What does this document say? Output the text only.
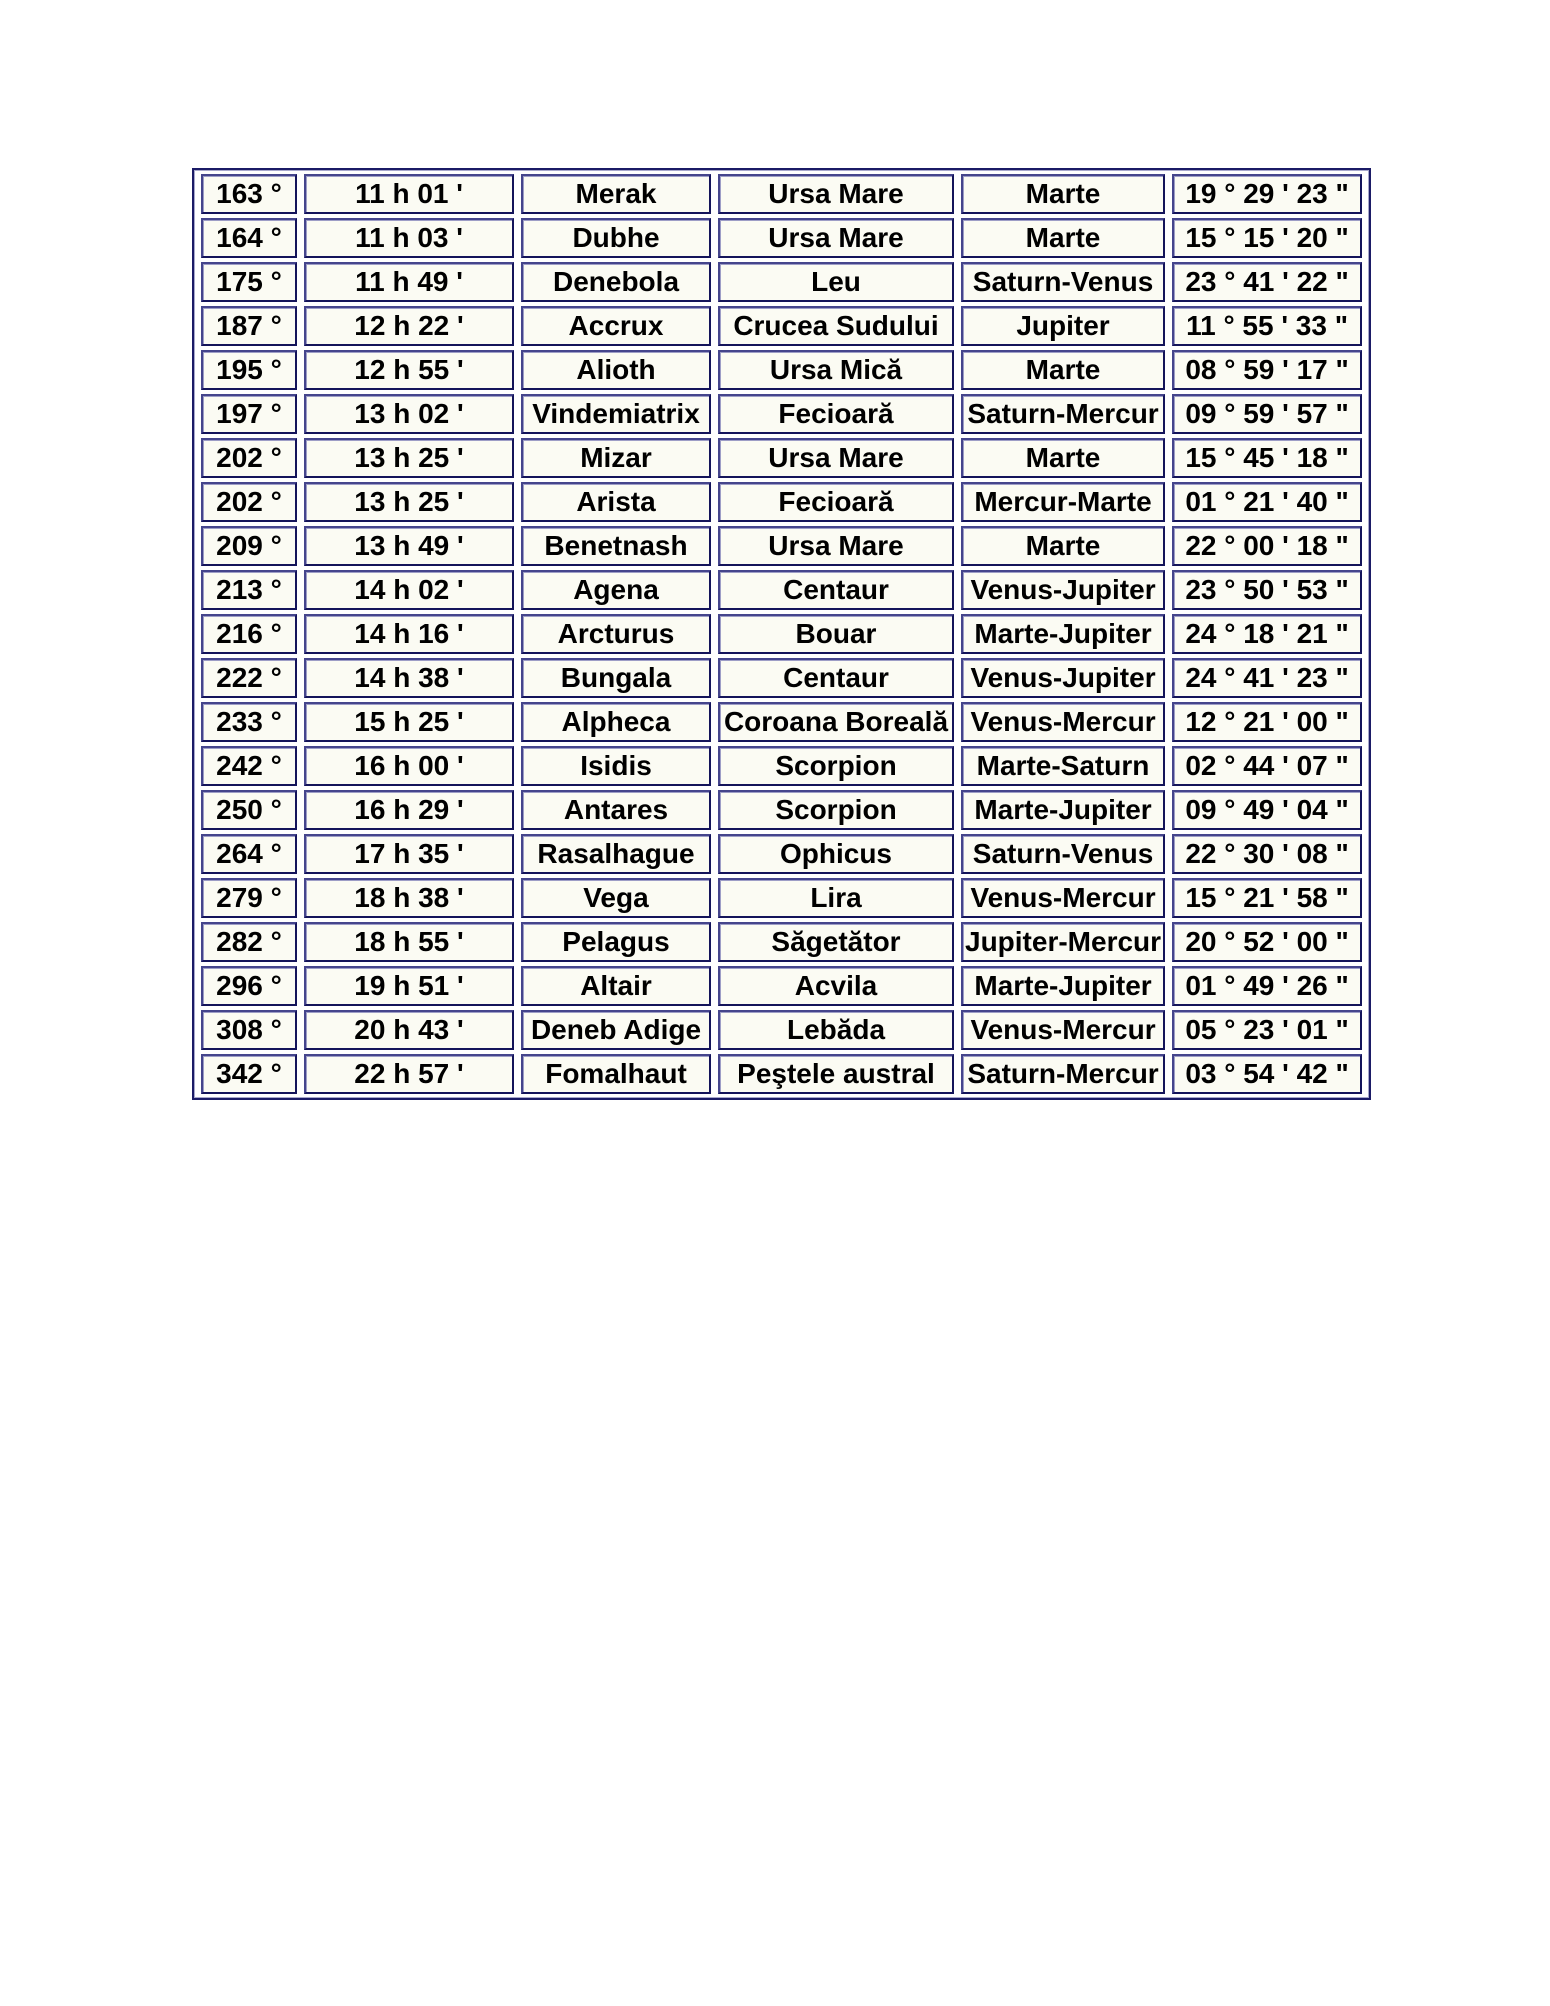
163 °	11 h 01 '	Merak	Ursa Mare	Marte	19 ° 29 ' 23 "
164 °	11 h 03 '	Dubhe	Ursa Mare	Marte	15 ° 15 ' 20 "
175 °	11 h 49 '	Denebola	Leu	Saturn-Venus	23 ° 41 ' 22 "
187 °	12 h 22 '	Accrux	Crucea Sudului	Jupiter	11 ° 55 ' 33 "
195 °	12 h 55 '	Alioth	Ursa Mică	Marte	08 ° 59 ' 17 "
197 °	13 h 02 '	Vindemiatrix	Fecioară	Saturn-Mercur	09 ° 59 ' 57 "
202 °	13 h 25 '	Mizar	Ursa Mare	Marte	15 ° 45 ' 18 "
202 °	13 h 25 '	Arista	Fecioară	Mercur-Marte	01 ° 21 ' 40 "
209 °	13 h 49 '	Benetnash	Ursa Mare	Marte	22 ° 00 ' 18 "
213 °	14 h 02 '	Agena	Centaur	Venus-Jupiter	23 ° 50 ' 53 "
216 °	14 h 16 '	Arcturus	Bouar	Marte-Jupiter	24 ° 18 ' 21 "
222 °	14 h 38 '	Bungala	Centaur	Venus-Jupiter	24 ° 41 ' 23 "
233 °	15 h 25 '	Alpheca	Coroana Boreală	Venus-Mercur	12 ° 21 ' 00 "
242 °	16 h 00 '	Isidis	Scorpion	Marte-Saturn	02 ° 44 ' 07 "
250 °	16 h 29 '	Antares	Scorpion	Marte-Jupiter	09 ° 49 ' 04 "
264 °	17 h 35 '	Rasalhague	Ophicus	Saturn-Venus	22 ° 30 ' 08 "
279 °	18 h 38 '	Vega	Lira	Venus-Mercur	15 ° 21 ' 58 "
282 °	18 h 55 '	Pelagus	Săgetător	Jupiter-Mercur	20 ° 52 ' 00 "
296 °	19 h 51 '	Altair	Acvila	Marte-Jupiter	01 ° 49 ' 26 "
308 °	20 h 43 '	Deneb Adige	Lebăda	Venus-Mercur	05 ° 23 ' 01 "
342 °	22 h 57 '	Fomalhaut	Peştele austral	Saturn-Mercur	03 ° 54 ' 42 "
